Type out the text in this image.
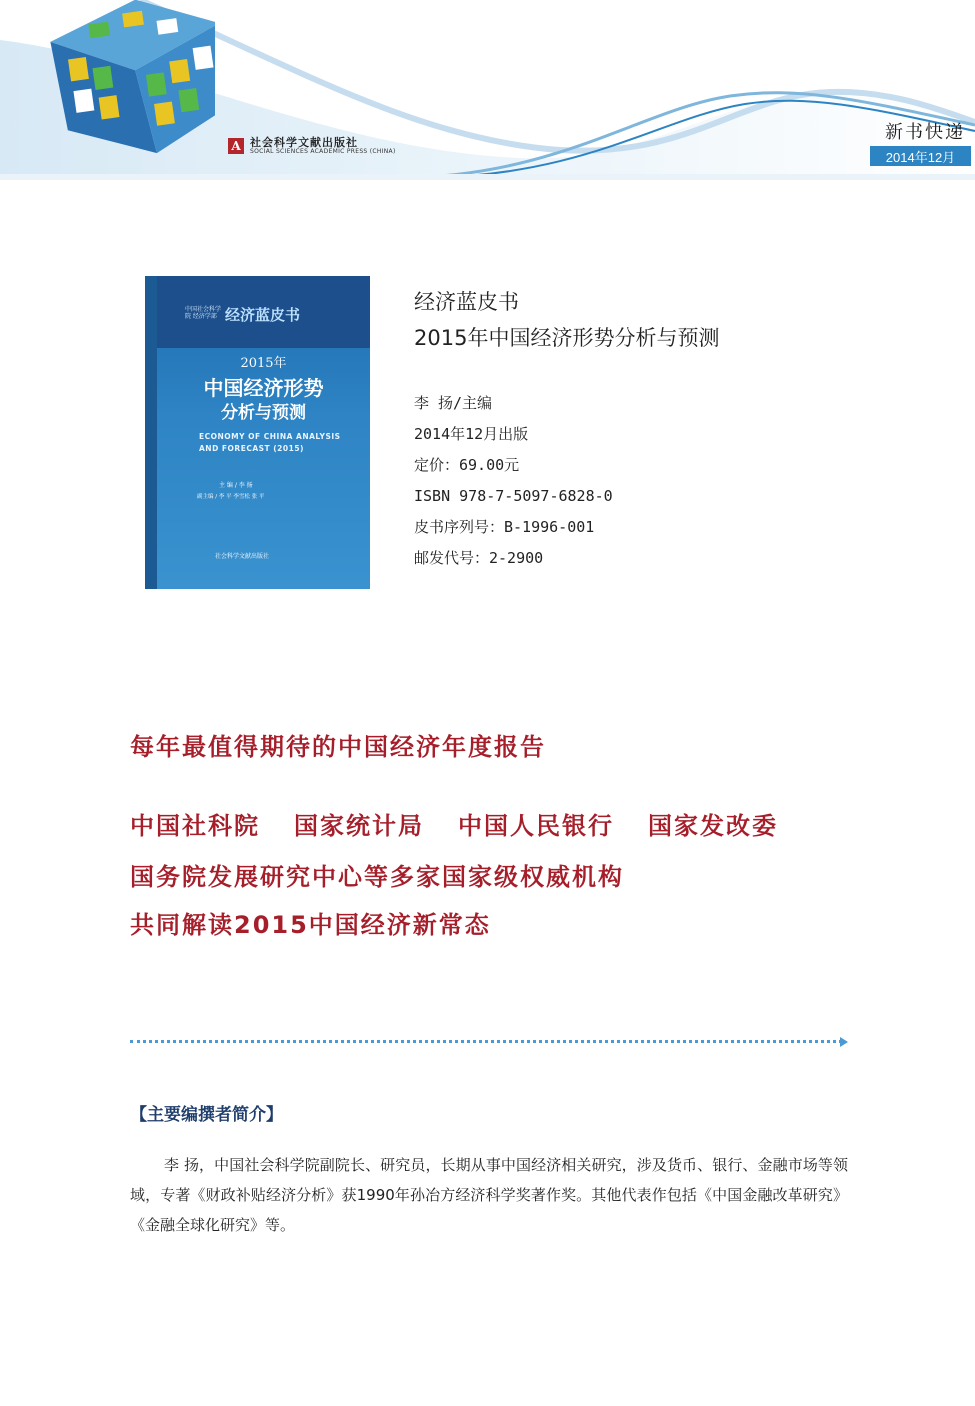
A 社会科学文献出版社
SOCIAL SCIENCES ACADEMIC PRESS (CHINA)
新书快递
2014年12月
中国社会科学院 经济学部 经济蓝皮书
2015年
中国经济形势
分析与预测
ECONOMY OF CHINA ANALYSIS
AND FORECAST (2015)
主 编 / 李 扬
副主编 / 李 平 李雪松 张 平
社会科学文献出版社
经济蓝皮书
2015年中国经济形势分析与预测
李 扬/主编
2014年12月出版
定价：69.00元
ISBN 978-7-5097-6828-0
皮书序列号：B-1996-001
邮发代号：2-2900
每年最值得期待的中国经济年度报告
中国社科院 国家统计局 中国人民银行 国家发改委
国务院发展研究中心等多家国家级权威机构
共同解读2015中国经济新常态
【主要编撰者简介】
李 扬，中国社会科学院副院长、研究员，长期从事中国经济相关研究，涉及货币、银行、金融市场等领域，专著《财政补贴经济分析》获1990年孙冶方经济科学奖著作奖。其他代表作包括《中国金融改革研究》《金融全球化研究》等。
